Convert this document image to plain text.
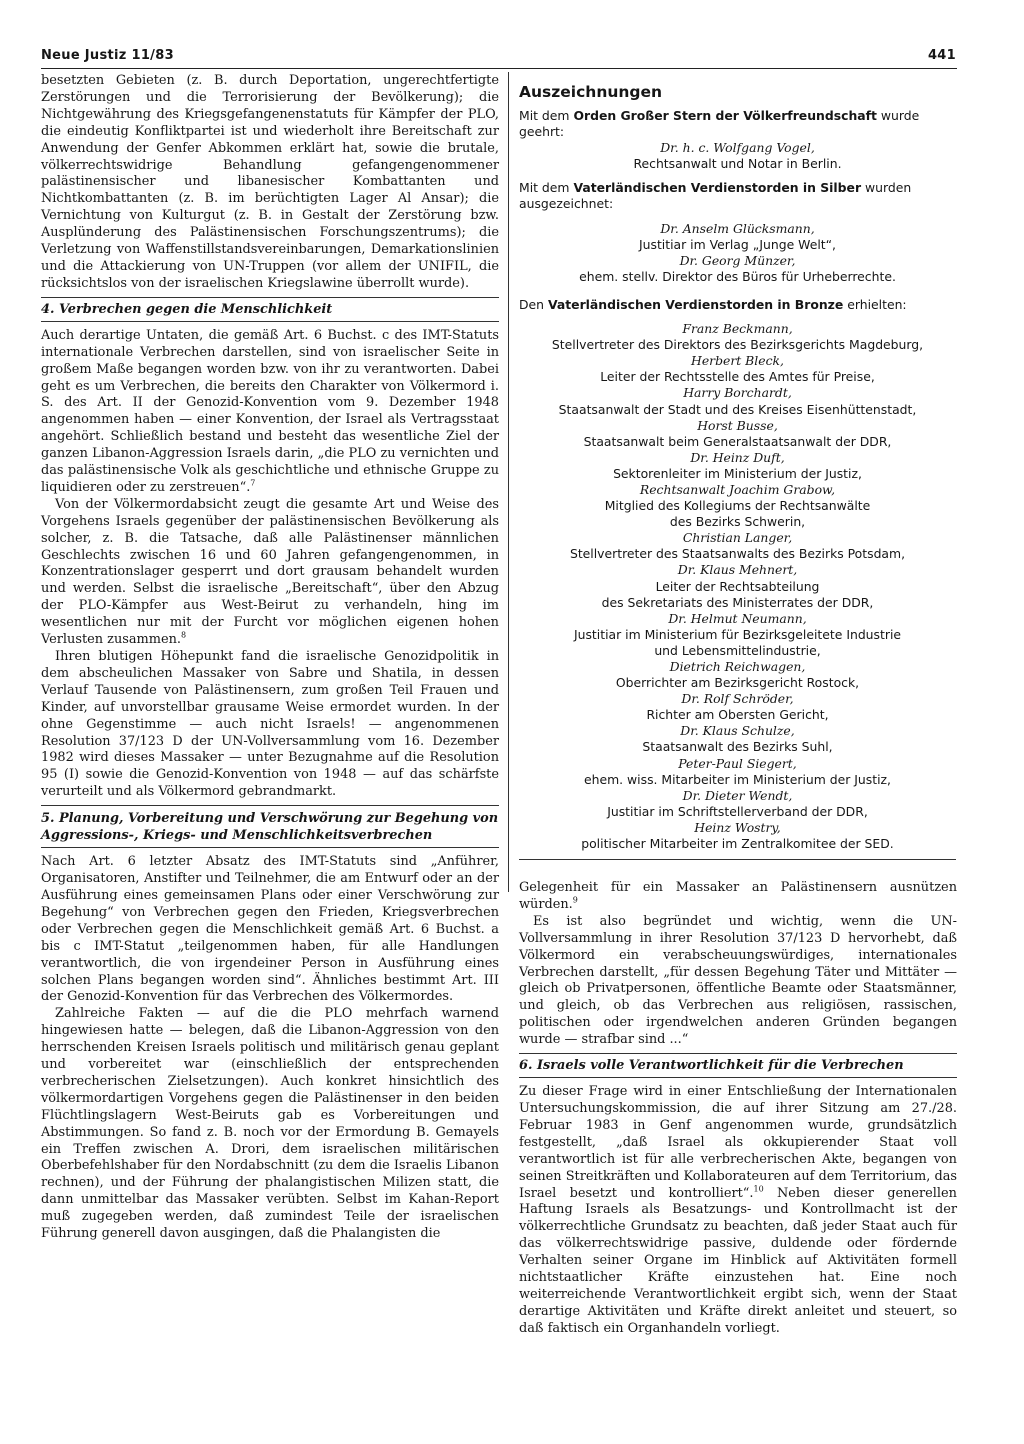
Neue Justiz 11/83	441

besetzten Gebieten (z. B. durch Deportation, ungerechtfertigte Zerstörungen und die Terrorisierung der Bevölkerung); die Nichtgewährung des Kriegsgefangenenstatuts für Kämpfer der PLO, die eindeutig Konfliktpartei ist und wiederholt ihre Bereitschaft zur Anwendung der Genfer Abkommen erklärt hat, sowie die brutale, völkerrechtswidrige Behandlung gefangengenommener palästinensischer und libanesischer Kombattanten und Nichtkombattanten (z. B. im berüchtigten Lager Al Ansar); die Vernichtung von Kulturgut (z. B. in Gestalt der Zerstörung bzw. Ausplünderung des Palästinensischen Forschungszentrums); die Verletzung von Waffenstillstandsvereinbarungen, Demarkationslinien und die Attackierung von UN-Truppen (vor allem der UNIFIL, die rücksichtslos von der israelischen Kriegslawine überrollt wurde).

4. Verbrechen gegen die Menschlichkeit

Auch derartige Untaten, die gemäß Art. 6 Buchst. c des IMT-Statuts internationale Verbrechen darstellen, sind von israelischer Seite in großem Maße begangen worden bzw. von ihr zu verantworten. Dabei geht es um Verbrechen, die bereits den Charakter von Völkermord i. S. des Art. II der Genozid-Konvention vom 9. Dezember 1948 angenommen haben — einer Konvention, der Israel als Vertragsstaat angehört. Schließlich bestand und besteht das wesentliche Ziel der ganzen Libanon-Aggression Israels darin, „die PLO zu vernichten und das palästinensische Volk als geschichtliche und ethnische Gruppe zu liquidieren oder zu zerstreuen“.$^7$

Von der Völkermordabsicht zeugt die gesamte Art und Weise des Vorgehens Israels gegenüber der palästinensischen Bevölkerung als solcher, z. B. die Tatsache, daß alle Palästinenser männlichen Geschlechts zwischen 16 und 60 Jahren gefangengenommen, in Konzentrationslager gesperrt und dort grausam behandelt wurden und werden. Selbst die israelische „Bereitschaft“, über den Abzug der PLO-Kämpfer aus West-Beirut zu verhandeln, hing im wesentlichen nur mit der Furcht vor möglichen eigenen hohen Verlusten zusammen.$^8$

Ihren blutigen Höhepunkt fand die israelische Genozidpolitik in dem abscheulichen Massaker von Sabre und Shatila, in dessen Verlauf Tausende von Palästinensern, zum großen Teil Frauen und Kinder, auf unvorstellbar grausame Weise ermordet wurden. In der ohne Gegenstimme — auch nicht Israels! — angenommenen Resolution 37/123 D der UN-Vollversammlung vom 16. Dezember 1982 wird dieses Massaker — unter Bezugnahme auf die Resolution 95 (I) sowie die Genozid-Konvention von 1948 — auf das schärfste verurteilt und als Völkermord gebrandmarkt.

5. Planung, Vorbereitung und Verschwörung zur Begehung von Aggressions-, Kriegs- und Menschlichkeitsverbrechen

Nach Art. 6 letzter Absatz des IMT-Statuts sind „Anführer, Organisatoren, Anstifter und Teilnehmer, die am Entwurf oder an der Ausführung eines gemeinsamen Plans oder einer Verschwörung zur Begehung“ von Verbrechen gegen den Frieden, Kriegsverbrechen oder Verbrechen gegen die Menschlichkeit gemäß Art. 6 Buchst. a bis c IMT-Statut „teilgenommen haben, für alle Handlungen verantwortlich, die von irgendeiner Person in Ausführung eines solchen Plans begangen worden sind“. Ähnliches bestimmt Art. III der Genozid-Konvention für das Verbrechen des Völkermordes.

Zahlreiche Fakten — auf die die PLO mehrfach warnend hingewiesen hatte — belegen, daß die Libanon-Aggression von den herrschenden Kreisen Israels politisch und militärisch genau geplant und vorbereitet war (einschließlich der entsprechenden verbrecherischen Zielsetzungen). Auch konkret hinsichtlich des völkermordartigen Vorgehens gegen die Palästinenser in den beiden Flüchtlingslagern West-Beiruts gab es Vorbereitungen und Abstimmungen. So fand z. B. noch vor der Ermordung B. Gemayels ein Treffen zwischen A. Drori, dem israelischen militärischen Oberbefehlshaber für den Nordabschnitt (zu dem die Israelis Libanon rechnen), und der Führung der phalangistischen Milizen statt, die dann unmittelbar das Massaker verübten. Selbst im Kahan-Report muß zugegeben werden, daß zumindest Teile der israelischen Führung generell davon ausgingen, daß die Phalangisten die

Auszeichnungen

Mit dem Orden Großer Stern der Völkerfreundschaft wurde geehrt:

Dr. h. c. Wolfgang Vogel,

Rechtsanwalt und Notar in Berlin.

Mit dem Vaterländischen Verdienstorden in Silber wurden ausgezeichnet:

Dr. Anselm Glücksmann,

Justitiar im Verlag „Junge Welt“,

Dr. Georg Münzer,

ehem. stellv. Direktor des Büros für Urheberrechte.

Den Vaterländischen Verdienstorden in Bronze erhielten:

Franz Beckmann,

Stellvertreter des Direktors des Bezirksgerichts Magdeburg,

Herbert Bleck,

Leiter der Rechtsstelle des Amtes für Preise,

Harry Borchardt,

Staatsanwalt der Stadt und des Kreises Eisenhüttenstadt,

Horst Busse,

Staatsanwalt beim Generalstaatsanwalt der DDR,

Dr. Heinz Duft,

Sektorenleiter im Ministerium der Justiz,

Rechtsanwalt Joachim Grabow,

Mitglied des Kollegiums der Rechtsanwälte

des Bezirks Schwerin,

Christian Langer,

Stellvertreter des Staatsanwalts des Bezirks Potsdam,

Dr. Klaus Mehnert,

Leiter der Rechtsabteilung

des Sekretariats des Ministerrates der DDR,

Dr. Helmut Neumann,

Justitiar im Ministerium für Bezirksgeleitete Industrie

und Lebensmittelindustrie,

Dietrich Reichwagen,

Oberrichter am Bezirksgericht Rostock,

Dr. Rolf Schröder,

Richter am Obersten Gericht,

Dr. Klaus Schulze,

Staatsanwalt des Bezirks Suhl,

Peter-Paul Siegert,

ehem. wiss. Mitarbeiter im Ministerium der Justiz,

Dr. Dieter Wendt,

Justitiar im Schriftstellerverband der DDR,

Heinz Wostry,

politischer Mitarbeiter im Zentralkomitee der SED.

Gelegenheit für ein Massaker an Palästinensern ausnützen würden.$^9$

Es ist also begründet und wichtig, wenn die UN-Vollversammlung in ihrer Resolution 37/123 D hervorhebt, daß Völkermord ein verabscheuungswürdiges, internationales Verbrechen darstellt, „für dessen Begehung Täter und Mittäter — gleich ob Privatpersonen, öffentliche Beamte oder Staatsmänner, und gleich, ob das Verbrechen aus religiösen, rassischen, politischen oder irgendwelchen anderen Gründen begangen wurde — strafbar sind ...“

6. Israels volle Verantwortlichkeit für die Verbrechen

Zu dieser Frage wird in einer Entschließung der Internationalen Untersuchungskommission, die auf ihrer Sitzung am 27./28. Februar 1983 in Genf angenommen wurde, grundsätzlich festgestellt, „daß Israel als okkupierender Staat voll verantwortlich ist für alle verbrecherischen Akte, begangen von seinen Streitkräften und Kollaborateuren auf dem Territorium, das Israel besetzt und kontrolliert“.$^{10}$ Neben dieser generellen Haftung Israels als Besatzungs- und Kontrollmacht ist der völkerrechtliche Grundsatz zu beachten, daß jeder Staat auch für das völkerrechtswidrige passive, duldende oder fördernde Verhalten seiner Organe im Hinblick auf Aktivitäten formell nichtstaatlicher Kräfte einzustehen hat. Eine noch weiterreichende Verantwortlichkeit ergibt sich, wenn der Staat derartige Aktivitäten und Kräfte direkt anleitet und steuert, so daß faktisch ein Organhandeln vorliegt.
